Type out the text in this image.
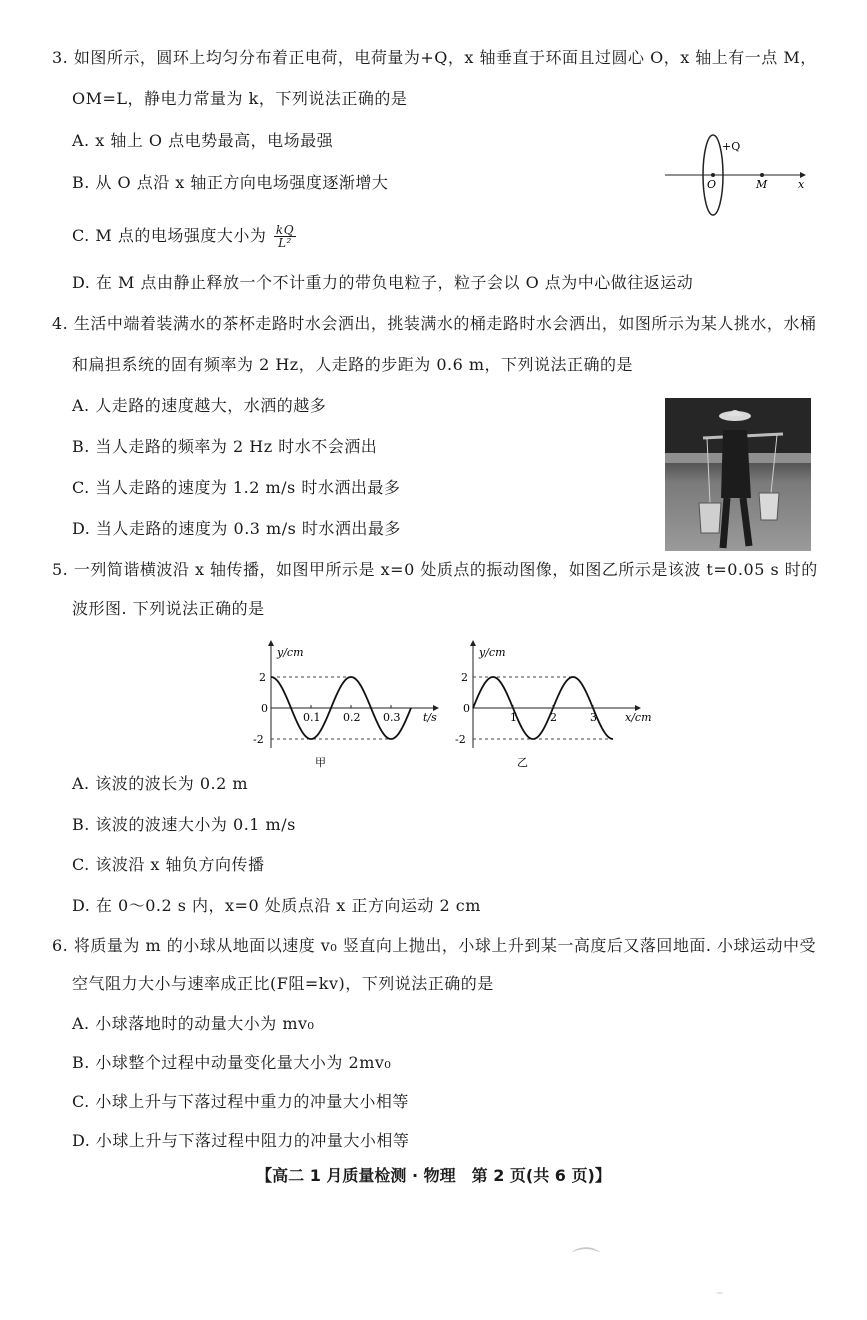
3. 如图所示，圆环上均匀分布着正电荷，电荷量为+Q，x 轴垂直于环面且过圆心 O，x 轴上有一点 M，
OM=L，静电力常量为 k，下列说法正确的是
A. x 轴上 O 点电势最高，电场最强
B. 从 O 点沿 x 轴正方向电场强度逐渐增大
C. M 点的电场强度大小为 $\frac{kQ}{\text{L²}}$
D. 在 M 点由静止释放一个不计重力的带负电粒子，粒子会以 O 点为中心做往返运动
+Q
O	M	x
4. 生活中端着装满水的茶杯走路时水会洒出，挑装满水的桶走路时水会洒出，如图所示为某人挑水，水桶
和扁担系统的固有频率为 2 Hz，人走路的步距为 0.6 m，下列说法正确的是
A. 人走路的速度越大，水洒的越多
B. 当人走路的频率为 2 Hz 时水不会洒出
C. 当人走路的速度为 1.2 m/s 时水洒出最多
D. 当人走路的速度为 0.3 m/s 时水洒出最多
5. 一列简谐横波沿 x 轴传播，如图甲所示是 x=0 处质点的振动图像，如图乙所示是该波 t=0.05 s 时的
波形图. 下列说法正确的是
2
0
-2
0.1 0.2 0.3
y/cm
t/s
甲
2
0
-2
1	2	3
y/cm
x/cm
乙
A. 该波的波长为 0.2 m
B. 该波的波速大小为 0.1 m/s
C. 该波沿 x 轴负方向传播
D. 在 0～0.2 s 内，x=0 处质点沿 x 正方向运动 2 cm
6. 将质量为 m 的小球从地面以速度 v₀ 竖直向上抛出，小球上升到某一高度后又落回地面. 小球运动中受
空气阻力大小与速率成正比(F阻=kv)，下列说法正确的是
A. 小球落地时的动量大小为 mv₀
B. 小球整个过程中动量变化量大小为 2mv₀
C. 小球上升与下落过程中重力的冲量大小相等
D. 小球上升与下落过程中阻力的冲量大小相等
【高二 1 月质量检测 · 物理　第 2 页(共 6 页)】
⌒
–
